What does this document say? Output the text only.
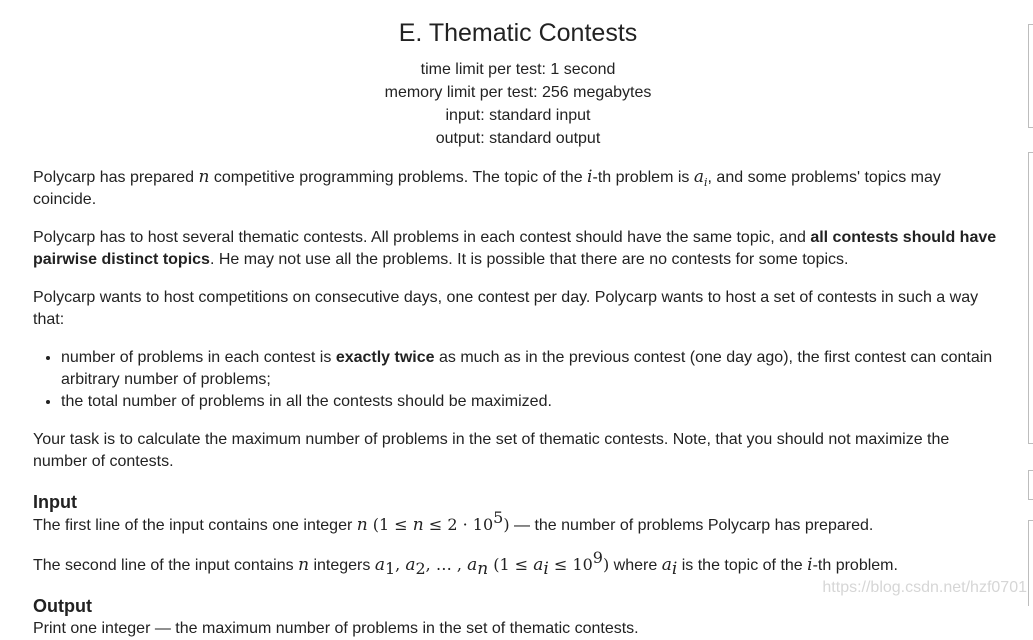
E. Thematic Contests
time limit per test: 1 second
memory limit per test: 256 megabytes
input: standard input
output: standard output

Polycarp has prepared n competitive programming problems. The topic of the i-th problem is $a_i$, and some problems' topics may coincide.

Polycarp has to host several thematic contests. All problems in each contest should have the same topic, and all contests should have pairwise distinct topics. He may not use all the problems. It is possible that there are no contests for some topics.

Polycarp wants to host competitions on consecutive days, one contest per day. Polycarp wants to host a set of contests in such a way that:

• number of problems in each contest is exactly twice as much as in the previous contest (one day ago), the first contest can contain arbitrary number of problems;
• the total number of problems in all the contests should be maximized.

Your task is to calculate the maximum number of problems in the set of thematic contests. Note, that you should not maximize the number of contests.

Input

The first line of the input contains one integer n $(1 \le n \le 2 \cdot 10^5)$ — the number of problems Polycarp has prepared.

The second line of the input contains n integers $a_1$, $a_2$, … , $a_n$ $(1 \le a_i \le 10^9)$ where $a_i$ is the topic of the i-th problem.

Output

Print one integer — the maximum number of problems in the set of thematic contests.

https://blog.csdn.net/hzf0701
